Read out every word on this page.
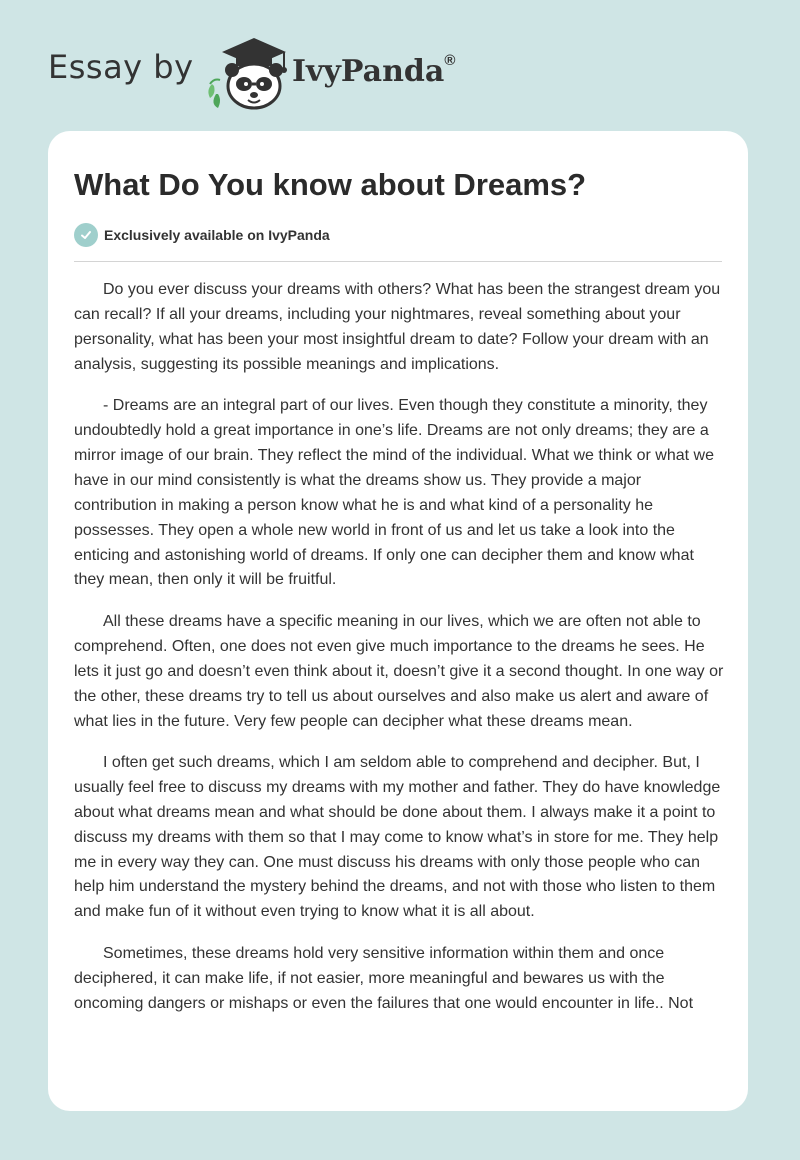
Essay by	IvyPanda®
What Do You know about Dreams?
Exclusively available on IvyPanda

Do you ever discuss your dreams with others? What has been the strangest dream you can recall? If all your dreams, including your nightmares, reveal something about your personality, what has been your most insightful dream to date? Follow your dream with an analysis, suggesting its possible meanings and implications.

- Dreams are an integral part of our lives. Even though they constitute a minority, they undoubtedly hold a great importance in one’s life. Dreams are not only dreams; they are a mirror image of our brain. They reflect the mind of the individual. What we think or what we have in our mind consistently is what the dreams show us. They provide a major contribution in making a person know what he is and what kind of a personality he possesses. They open a whole new world in front of us and let us take a look into the enticing and astonishing world of dreams. If only one can decipher them and know what they mean, then only it will be fruitful.

All these dreams have a specific meaning in our lives, which we are often not able to comprehend. Often, one does not even give much importance to the dreams he sees. He lets it just go and doesn’t even think about it, doesn’t give it a second thought. In one way or the other, these dreams try to tell us about ourselves and also make us alert and aware of what lies in the future. Very few people can decipher what these dreams mean.

I often get such dreams, which I am seldom able to comprehend and decipher. But, I usually feel free to discuss my dreams with my mother and father. They do have knowledge about what dreams mean and what should be done about them. I always make it a point to discuss my dreams with them so that I may come to know what’s in store for me. They help me in every way they can. One must discuss his dreams with only those people who can help him understand the mystery behind the dreams, and not with those who listen to them and make fun of it without even trying to know what it is all about.

Sometimes, these dreams hold very sensitive information within them and once deciphered, it can make life, if not easier, more meaningful and bewares us with the oncoming dangers or mishaps or even the failures that one would encounter in life.. Not
